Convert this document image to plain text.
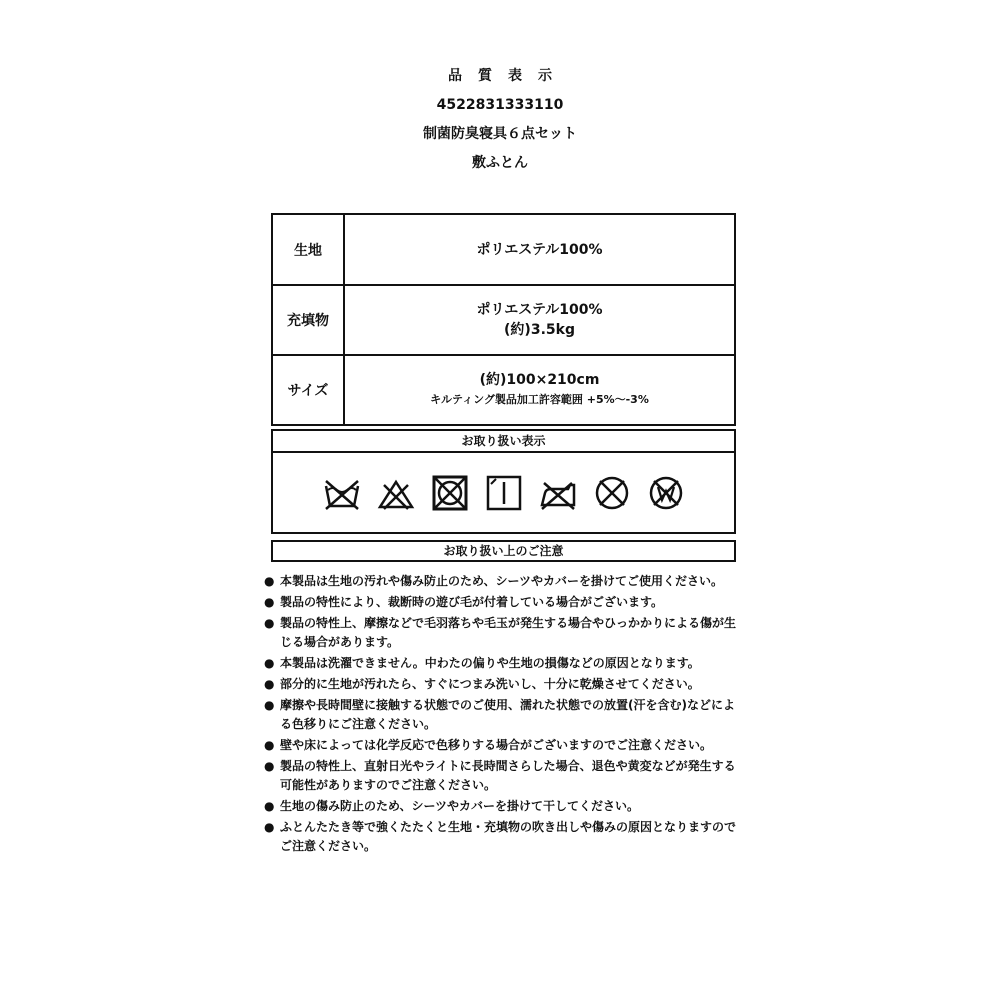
品質表示
4522831333110
制菌防臭寝具６点セット
敷ふとん
生地	ポリエステル100%
充填物
ポリエステル100%
(約)3.5kg
サイズ
(約)100×210cm
キルティング製品加工許容範囲 +5%〜-3%
お取り扱い表示
お取り扱い上のご注意
● 本製品は生地の汚れや傷み防止のため、シーツやカバーを掛けてご使用ください。
● 製品の特性により、裁断時の遊び毛が付着している場合がございます。
● 製品の特性上、摩擦などで毛羽落ちや毛玉が発生する場合やひっかかりによる傷が生じる場合があります。
● 本製品は洗濯できません。中わたの偏りや生地の損傷などの原因となります。
● 部分的に生地が汚れたら、すぐにつまみ洗いし、十分に乾燥させてください。
● 摩擦や長時間壁に接触する状態でのご使用、濡れた状態での放置(汗を含む)などによる色移りにご注意ください。
● 壁や床によっては化学反応で色移りする場合がございますのでご注意ください。
● 製品の特性上、直射日光やライトに長時間さらした場合、退色や黄変などが発生する可能性がありますのでご注意ください。
● 生地の傷み防止のため、シーツやカバーを掛けて干してください。
● ふとんたたき等で強くたたくと生地・充填物の吹き出しや傷みの原因となりますのでご注意ください。
